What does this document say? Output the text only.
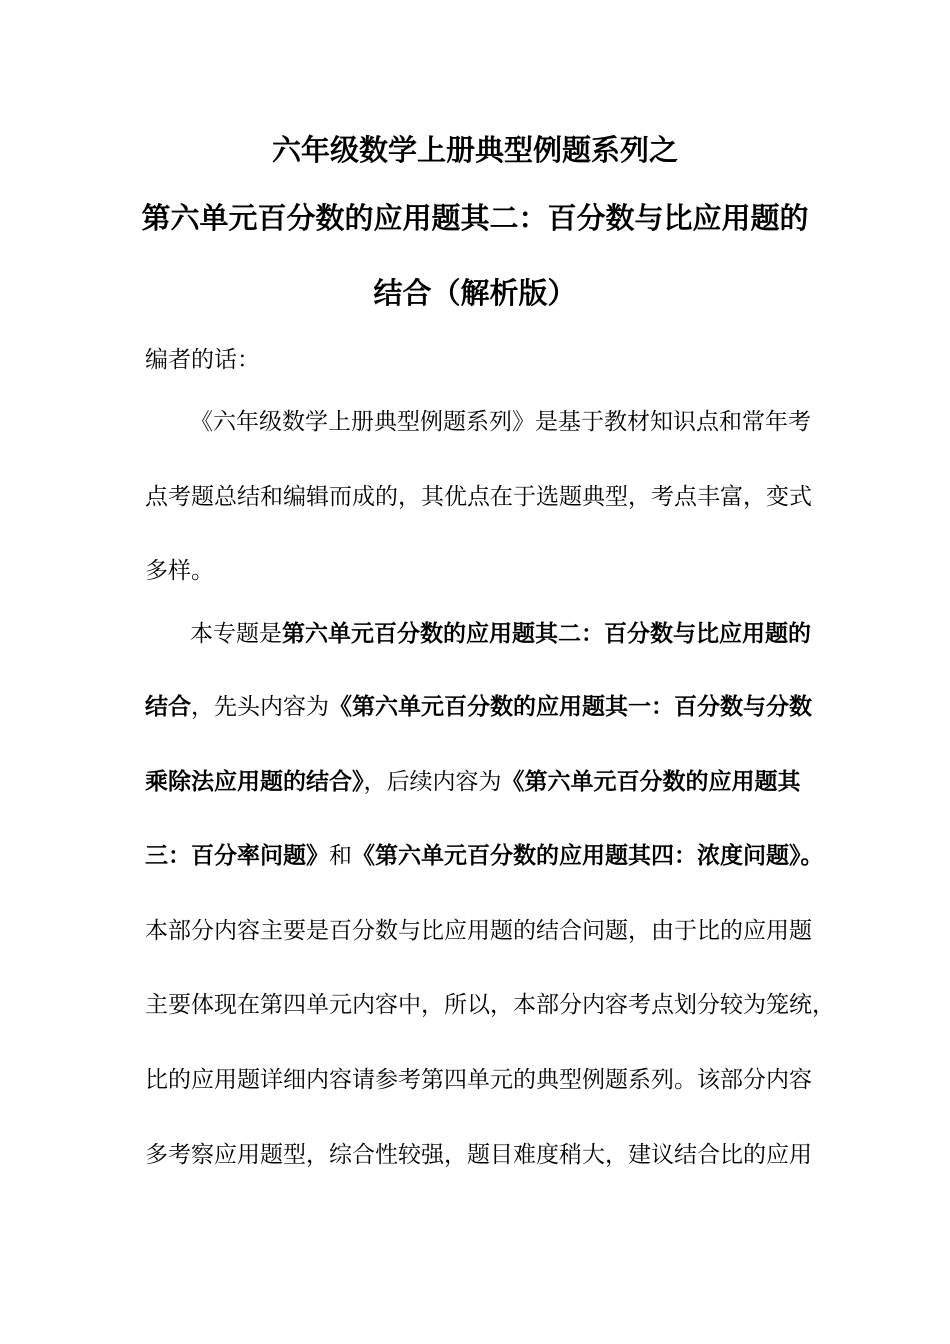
六年级数学上册典型例题系列之
第六单元百分数的应用题其二：百分数与比应用题的
结合（解析版）
编者的话：
《六年级数学上册典型例题系列》是基于教材知识点和常年考
点考题总结和编辑而成的，其优点在于选题典型，考点丰富，变式
多样。
本专题是第六单元百分数的应用题其二：百分数与比应用题的
结合，先头内容为《第六单元百分数的应用题其一：百分数与分数
乘除法应用题的结合》，后续内容为《第六单元百分数的应用题其
三：百分率问题》和《第六单元百分数的应用题其四：浓度问题》。
本部分内容主要是百分数与比应用题的结合问题，由于比的应用题
主要体现在第四单元内容中，所以，本部分内容考点划分较为笼统，
比的应用题详细内容请参考第四单元的典型例题系列。该部分内容
多考察应用题型，综合性较强，题目难度稍大，建议结合比的应用
